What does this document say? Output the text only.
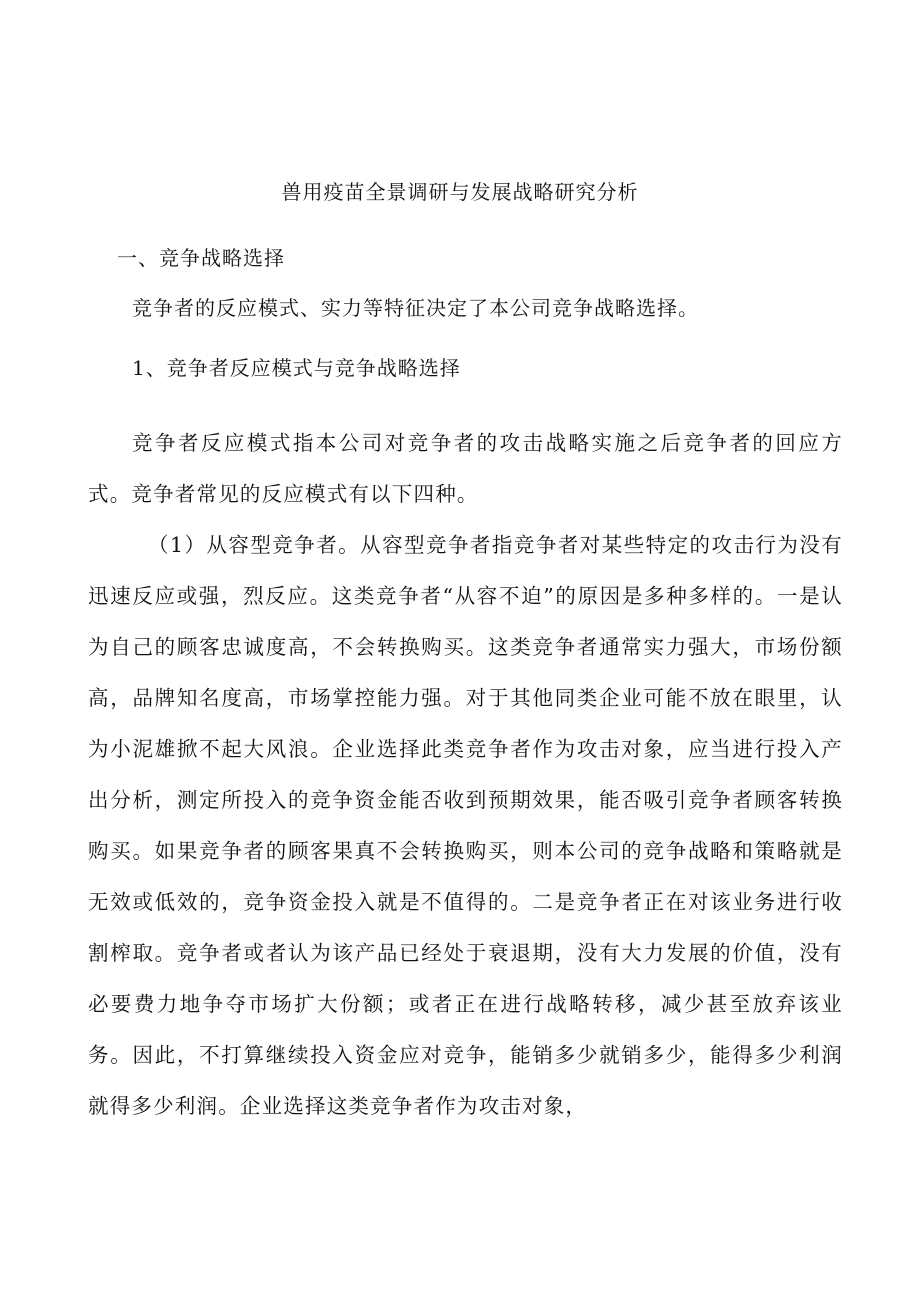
兽用疫苗全景调研与发展战略研究分析
一、竞争战略选择
竞争者的反应模式、实力等特征决定了本公司竞争战略选择。
1、竞争者反应模式与竞争战略选择

竞争者反应模式指本公司对竞争者的攻击战略实施之后竞争者的回应方式。竞争者常见的反应模式有以下四种。

（1）从容型竞争者。从容型竞争者指竞争者对某些特定的攻击行为没有迅速反应或强，烈反应。这类竞争者“从容不迫”的原因是多种多样的。一是认为自己的顾客忠诚度高，不会转换购买。这类竞争者通常实力强大，市场份额高，品牌知名度高，市场掌控能力强。对于其他同类企业可能不放在眼里，认为小泥雄掀不起大风浪。企业选择此类竞争者作为攻击对象，应当进行投入产出分析，测定所投入的竞争资金能否收到预期效果，能否吸引竞争者顾客转换购买。如果竞争者的顾客果真不会转换购买，则本公司的竞争战略和策略就是无效或低效的，竞争资金投入就是不值得的。二是竞争者正在对该业务进行收割榨取。竞争者或者认为该产品已经处于衰退期，没有大力发展的价值，没有必要费力地争夺市场扩大份额；或者正在进行战略转移，减少甚至放弃该业务。因此，不打算继续投入资金应对竞争，能销多少就销多少，能得多少利润就得多少利润。企业选择这类竞争者作为攻击对象，
